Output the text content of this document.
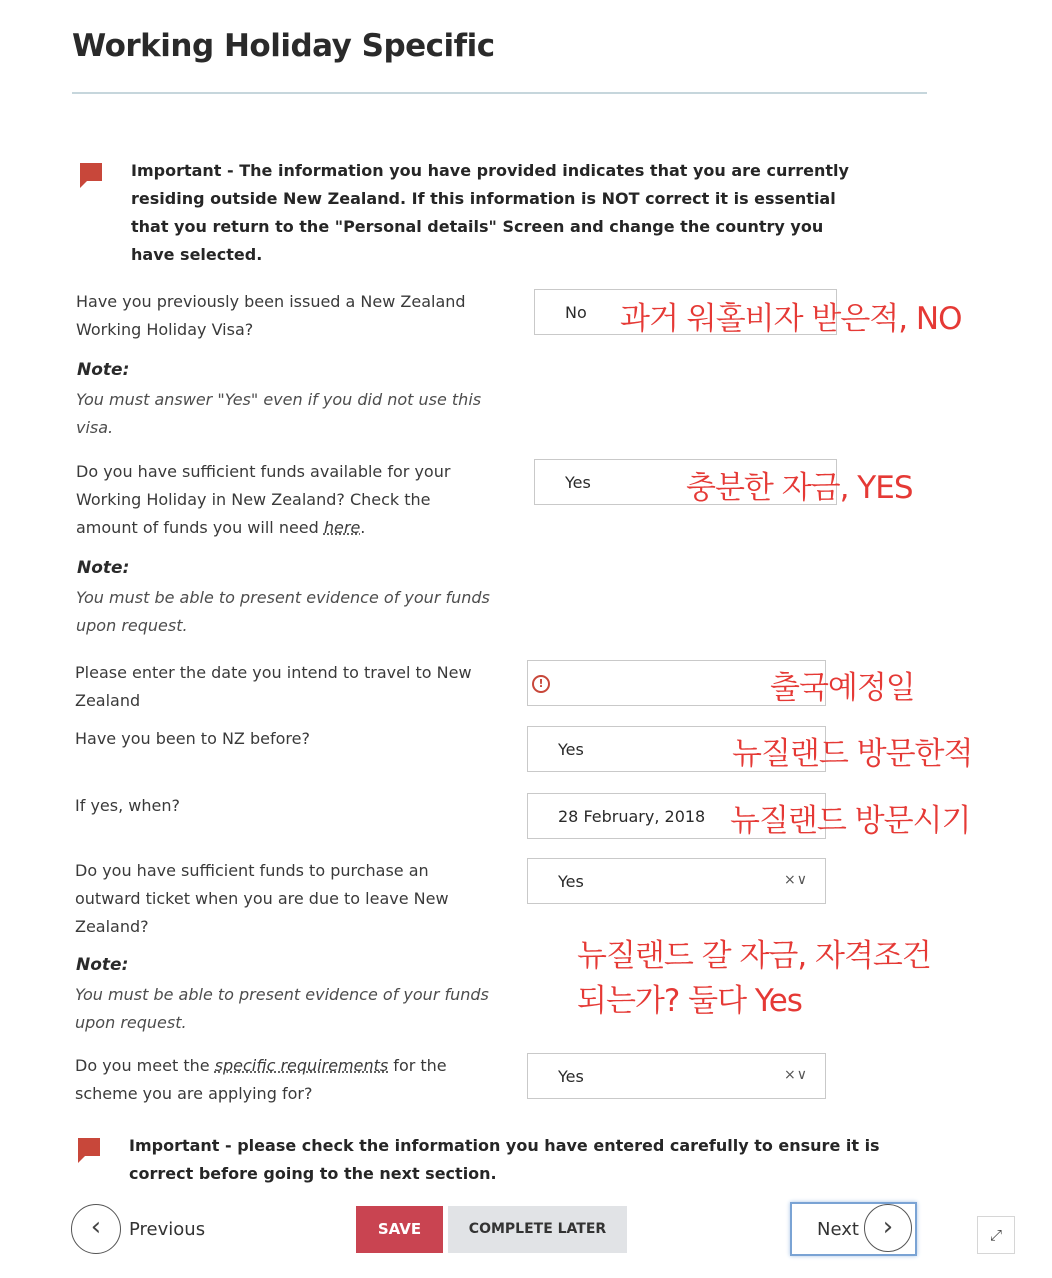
Working Holiday Specific
Important - The information you have provided indicates that you are currently residing outside New Zealand. If this information is NOT correct it is essential that you return to the "Personal details" Screen and change the country you have selected.
Have you previously been issued a New Zealand Working Holiday Visa?
No 과거 워홀비자 받은적, NO
Note:
You must answer "Yes" even if you did not use this visa.
Do you have sufficient funds available for your Working Holiday in New Zealand? Check the amount of funds you will need here.
Yes	충분한 자금, YES
Note:
You must be able to present evidence of your funds upon request.
Please enter the date you intend to travel to New Zealand
!	출국예정일
Have you been to NZ before?
Yes	뉴질랜드 방문한적
If yes, when?
28 February, 2018 뉴질랜드 방문시기
Do you have sufficient funds to purchase an outward ticket when you are due to leave New Zealand?
Yes	×∨
Note:
You must be able to present evidence of your funds upon request.
뉴질랜드 갈 자금, 자격조건
되는가? 둘다 Yes
Do you meet the specific requirements for the scheme you are applying for?
Yes	×∨
Important - please check the information you have entered carefully to ensure it is correct before going to the next section.
‹	Previous	SAVE	COMPLETE LATER	Next ›	⤢
